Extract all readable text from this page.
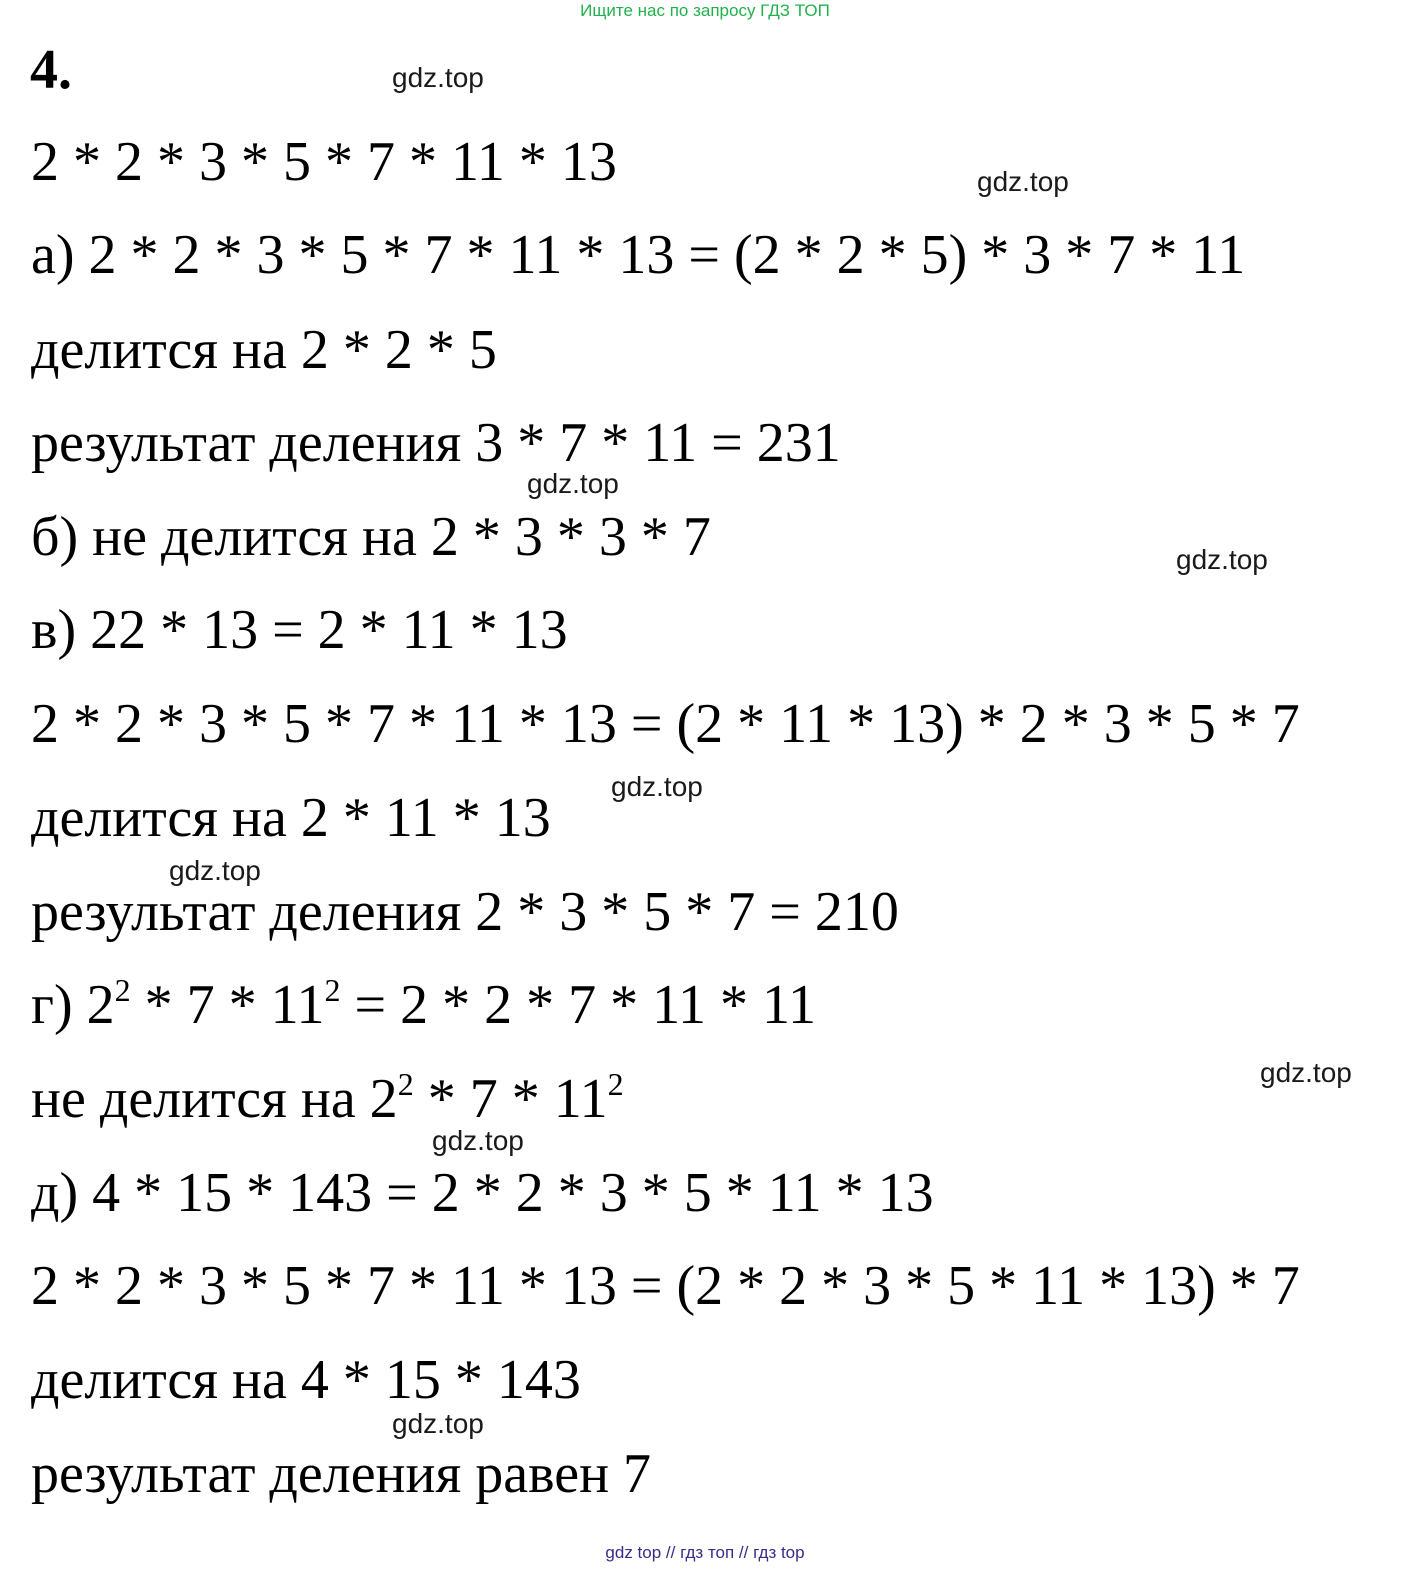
Ищите нас по запросу ГДЗ ТОП
4.
2 * 2 * 3 * 5 * 7 * 11 * 13
а) 2 * 2 * 3 * 5 * 7 * 11 * 13 = (2 * 2 * 5) * 3 * 7 * 11
делится на 2 * 2 * 5
результат деления 3 * 7 * 11 = 231
б) не делится на 2 * 3 * 3 * 7
в) 22 * 13 = 2 * 11 * 13
2 * 2 * 3 * 5 * 7 * 11 * 13 = (2 * 11 * 13) * 2 * 3 * 5 * 7
делится на 2 * 11 * 13
результат деления 2 * 3 * 5 * 7 = 210
г) $2^2 * 7 * 11^2 = 2 * 2 * 7 * 11 * 11$
не делится на $2^2 * 7 * 11^2$
д) 4 * 15 * 143 = 2 * 2 * 3 * 5 * 11 * 13
2 * 2 * 3 * 5 * 7 * 11 * 13 = (2 * 2 * 3 * 5 * 11 * 13) * 7
делится на 4 * 15 * 143
результат деления равен 7
gdz.top
gdz.top
gdz.top
gdz.top
gdz.top
gdz.top
gdz.top
gdz.top
gdz.top
gdz top // гдз топ // гдз top
